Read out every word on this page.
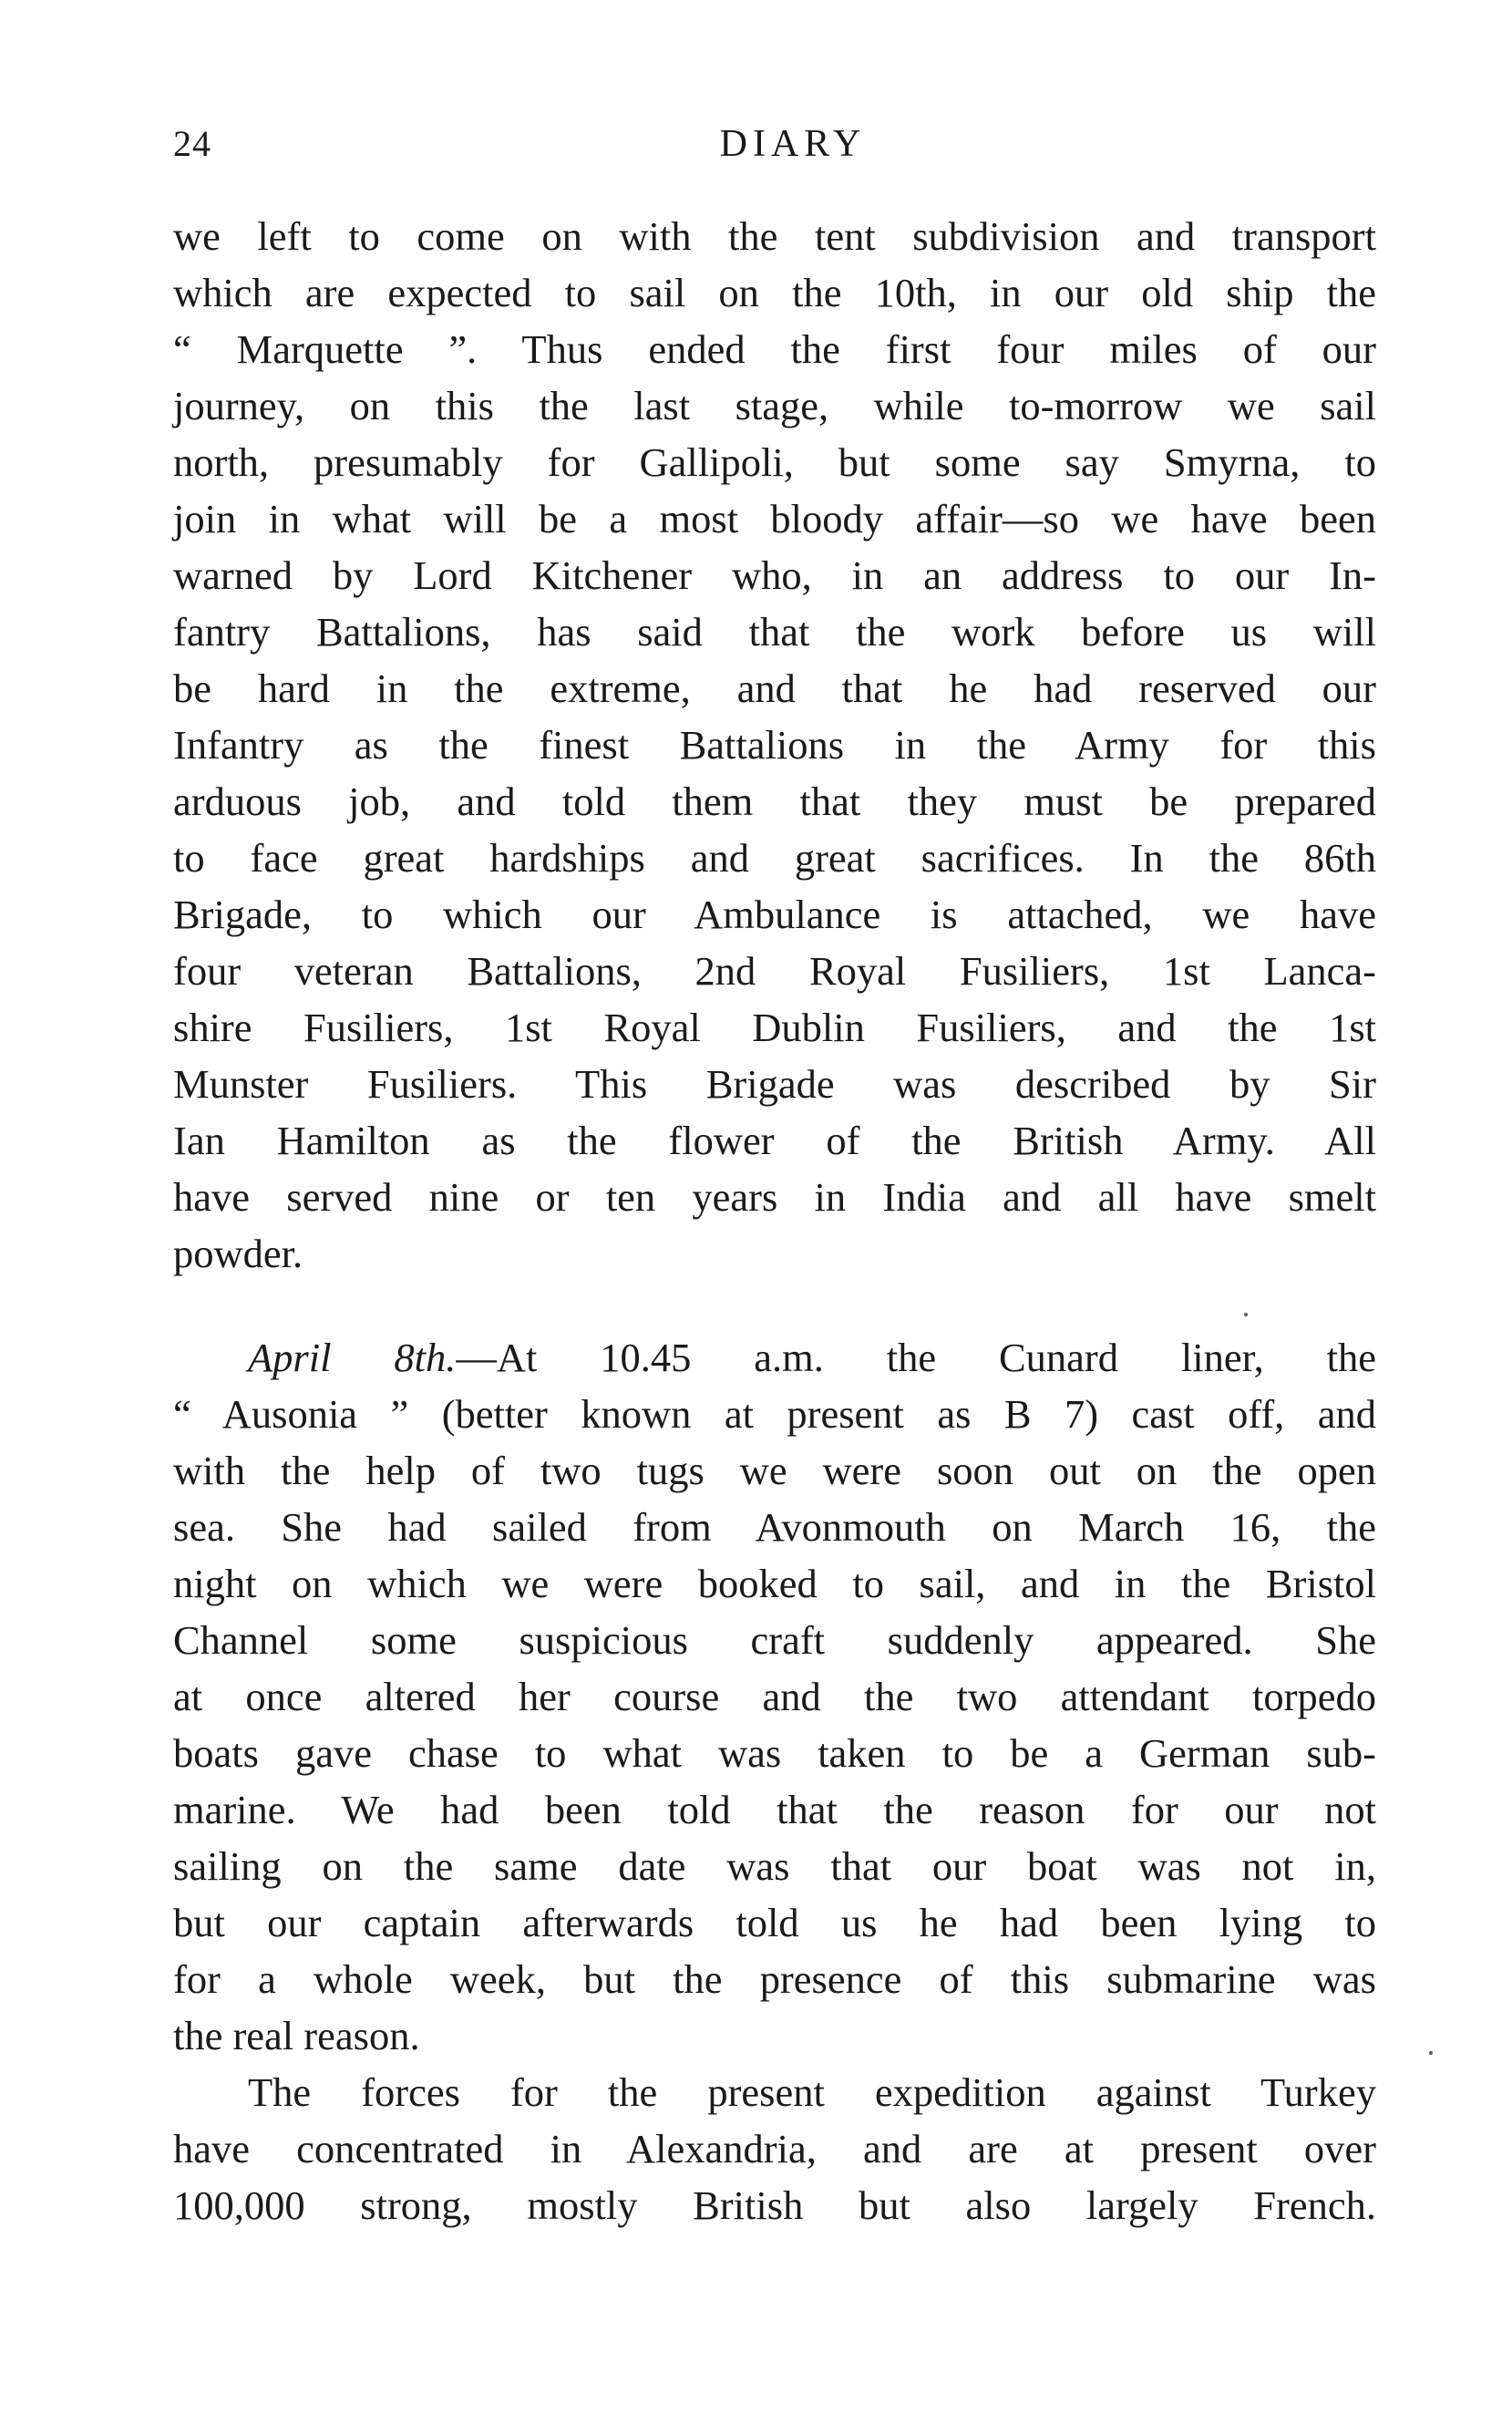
24	DIARY
we left to come on with the tent subdivision and transport
which are expected to sail on the 10th, in our old ship the
“ Marquette ”. Thus ended the first four miles of our
journey, on this the last stage, while to-morrow we sail
north, presumably for Gallipoli, but some say Smyrna, to
join in what will be a most bloody affair—so we have been
warned by Lord Kitchener who, in an address to our In-
fantry Battalions, has said that the work before us will
be hard in the extreme, and that he had reserved our
Infantry as the finest Battalions in the Army for this
arduous job, and told them that they must be prepared
to face great hardships and great sacrifices. In the 86th
Brigade, to which our Ambulance is attached, we have
four veteran Battalions, 2nd Royal Fusiliers, 1st Lanca-
shire Fusiliers, 1st Royal Dublin Fusiliers, and the 1st
Munster Fusiliers. This Brigade was described by Sir
Ian Hamilton as the flower of the British Army. All
have served nine or ten years in India and all have smelt
powder.
April 8th.—At 10.45 a.m. the Cunard liner, the
“ Ausonia ” (better known at present as B 7) cast off, and
with the help of two tugs we were soon out on the open
sea. She had sailed from Avonmouth on March 16, the
night on which we were booked to sail, and in the Bristol
Channel some suspicious craft suddenly appeared. She
at once altered her course and the two attendant torpedo
boats gave chase to what was taken to be a German sub-
marine. We had been told that the reason for our not
sailing on the same date was that our boat was not in,
but our captain afterwards told us he had been lying to
for a whole week, but the presence of this submarine was
the real reason.
The forces for the present expedition against Turkey
have concentrated in Alexandria, and are at present over
100,000 strong, mostly British but also largely French.
